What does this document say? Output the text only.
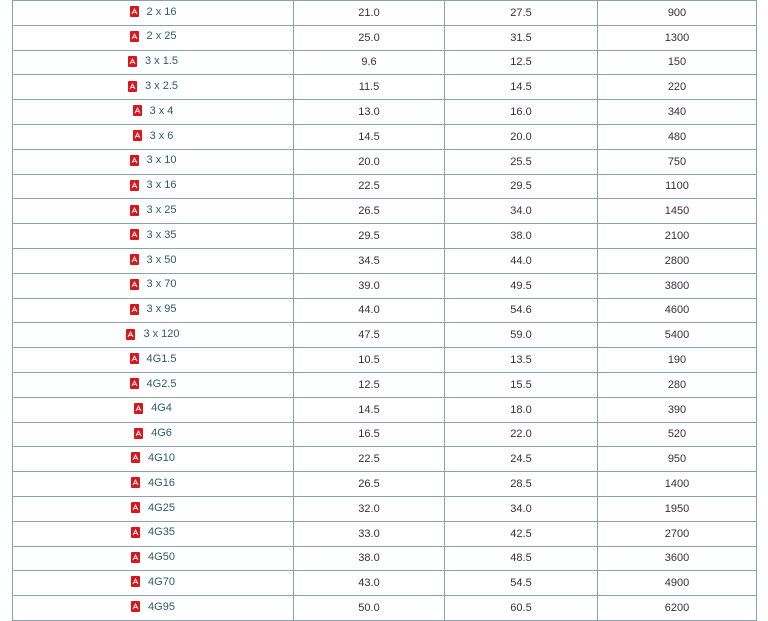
2 x 16	21.0	27.5	900

2 x 25	25.0	31.5	1300

3 x 1.5	9.6	12.5	150

3 x 2.5	11.5	14.5	220

3 x 4	13.0	16.0	340

3 x 6	14.5	20.0	480

3 x 10	20.0	25.5	750

3 x 16	22.5	29.5	1100

3 x 25	26.5	34.0	1450

3 x 35	29.5	38.0	2100

3 x 50	34.5	44.0	2800

3 x 70	39.0	49.5	3800

3 x 95	44.0	54.6	4600

3 x 120	47.5	59.0	5400

4G1.5	10.5	13.5	190

4G2.5	12.5	15.5	280

4G4	14.5	18.0	390

4G6	16.5	22.0	520

4G10	22.5	24.5	950

4G16	26.5	28.5	1400

4G25	32.0	34.0	1950

4G35	33.0	42.5	2700

4G50	38.0	48.5	3600

4G70	43.0	54.5	4900

4G95	50.0	60.5	6200
